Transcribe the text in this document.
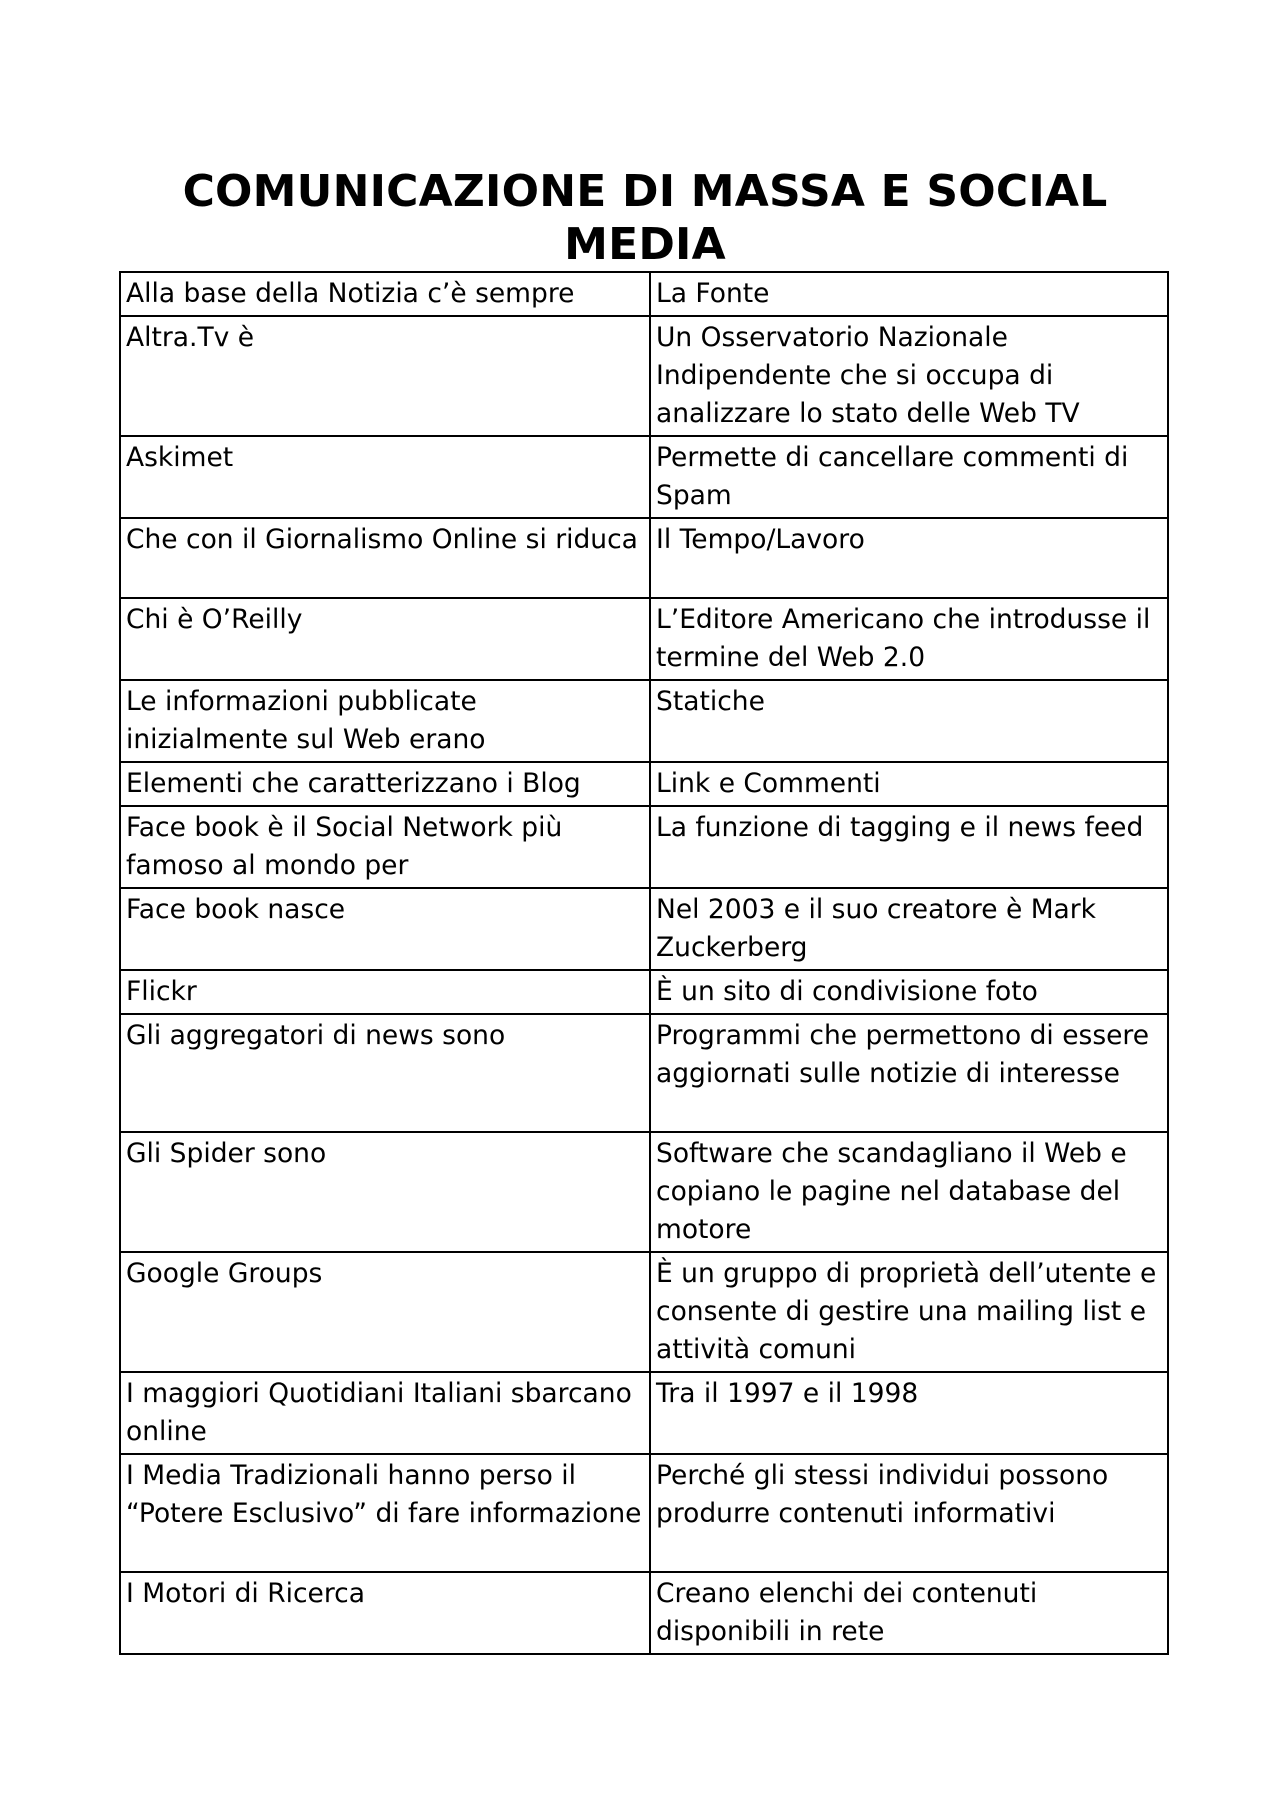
COMUNICAZIONE DI MASSA E SOCIAL
MEDIA
Alla base della Notizia c’è sempre	La Fonte
Altra.Tv è	Un Osservatorio Nazionale Indipendente che si occupa di analizzare lo stato delle Web TV
Askimet	Permette di cancellare commenti di Spam
Che con il Giornalismo Online si riduca	Il Tempo/Lavoro
Chi è O’Reilly	L’Editore Americano che introdusse il termine del Web 2.0
Le informazioni pubblicate inizialmente sul Web erano	Statiche
Elementi che caratterizzano i Blog	Link e Commenti
Face book è il Social Network più famoso al mondo per	La funzione di tagging e il news feed
Face book nasce	Nel 2003 e il suo creatore è Mark Zuckerberg
Flickr	È un sito di condivisione foto
Gli aggregatori di news sono	Programmi che permettono di essere aggiornati sulle notizie di interesse
Gli Spider sono	Software che scandagliano il Web e copiano le pagine nel database del motore
Google Groups	È un gruppo di proprietà dell’utente e consente di gestire una mailing list e attività comuni
I maggiori Quotidiani Italiani sbarcano online	Tra il 1997 e il 1998
I Media Tradizionali hanno perso il “Potere Esclusivo” di fare informazione	Perché gli stessi individui possono produrre contenuti informativi
I Motori di Ricerca	Creano elenchi dei contenuti disponibili in rete
